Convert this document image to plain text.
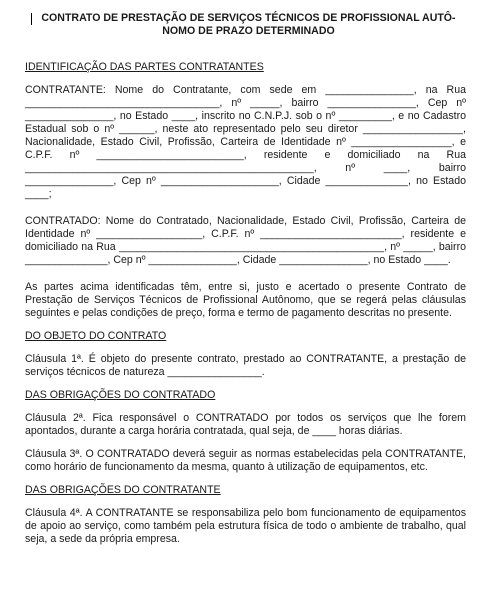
CONTRATO DE PRESTAÇÃO DE SERVIÇOS TÉCNICOS DE PROFISSIONAL AUTÔ-
NOMO DE PRAZO DETERMINADO
IDENTIFICAÇÃO DAS PARTES CONTRATANTES
CONTRATANTE: Nome do Contratante, com sede em _______________, na Rua _________________________________, nº _____, bairro _______________, Cep nº _______________, no Estado ____, inscrito no C.N.P.J. sob o nº _________, e no Cadastro Estadual sob o nº ______, neste ato representado pelo seu diretor _________________, Nacionalidade, Estado Civil, Profissão, Carteira de Identidade nº _________________, e C.P.F. nº _________________________, residente e domiciliado na Rua _________________________________________________, nº ____, bairro _______________, Cep nº ____________________, Cidade ______________, no Estado ____;
CONTRATADO: Nome do Contratado, Nacionalidade, Estado Civil, Profissão, Carteira de Identidade nº __________________, C.P.F. nº ________________________, residente e domiciliado na Rua _____________________________________________, nº _____, bairro ______________, Cep nº _______________, Cidade _______________, no Estado ____.
As partes acima identificadas têm, entre si, justo e acertado o presente Contrato de Prestação de Serviços Técnicos de Profissional Autônomo, que se regerá pelas cláusulas seguintes e pelas condições de preço, forma e termo de pagamento descritas no presente.
DO OBJETO DO CONTRATO
Cláusula 1ª. É objeto do presente contrato, prestado ao CONTRATANTE, a prestação de serviços técnicos de natureza ________________.
DAS OBRIGAÇÕES DO CONTRATADO
Cláusula 2ª. Fica responsável o CONTRATADO por todos os serviços que lhe forem apontados, durante a carga horária contratada, qual seja, de ____ horas diárias.
Cláusula 3ª. O CONTRATADO deverá seguir as normas estabelecidas pela CONTRATANTE, como horário de funcionamento da mesma, quanto à utilização de equipamentos, etc.
DAS OBRIGAÇÕES DO CONTRATANTE
Cláusula 4ª. A CONTRATANTE se responsabiliza pelo bom funcionamento de equipamentos de apoio ao serviço, como também pela estrutura física de todo o ambiente de trabalho, qual seja, a sede da própria empresa.
